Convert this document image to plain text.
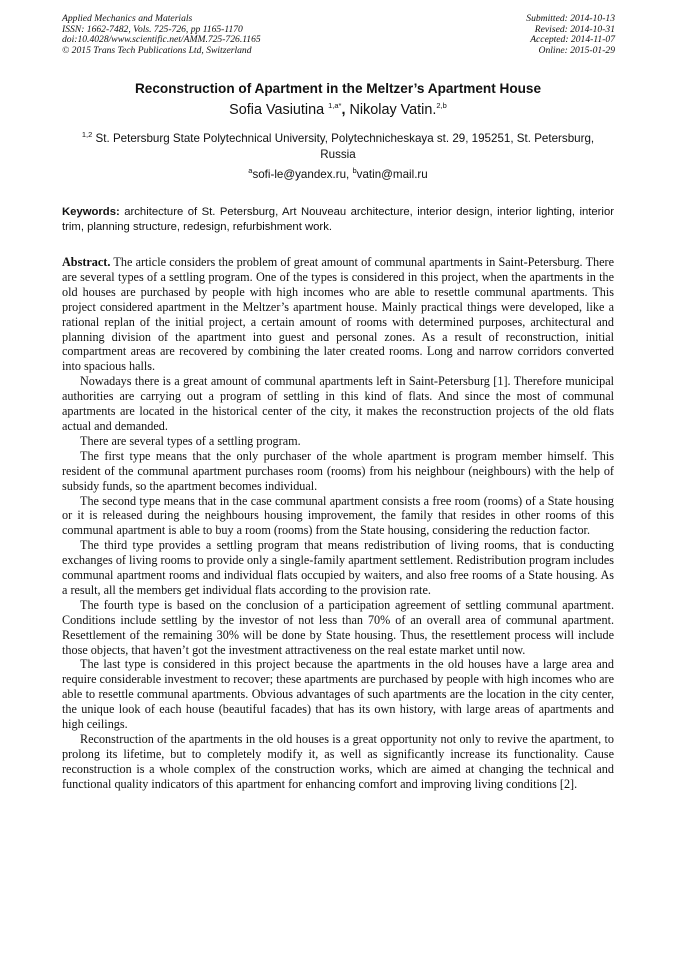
Applied Mechanics and Materials
ISSN: 1662-7482, Vols. 725-726, pp 1165-1170
doi:10.4028/www.scientific.net/AMM.725-726.1165
© 2015 Trans Tech Publications Ltd, Switzerland
Submitted: 2014-10-13
Revised: 2014-10-31
Accepted: 2014-11-07
Online: 2015-01-29
Reconstruction of Apartment in the Meltzer’s Apartment House
Sofia Vasiutina $^{1,a*}$, Nikolay Vatin.$^{2,b}$
$^{1,2}$ St. Petersburg State Polytechnical University, Polytechnicheskaya st. 29, 195251, St. Petersburg, Russia
$^a$sofi-le@yandex.ru, $^b$vatin@mail.ru
Keywords: architecture of St. Petersburg, Art Nouveau architecture, interior design, interior lighting, interior trim, planning structure, redesign, refurbishment work.

Abstract. The article considers the problem of great amount of communal apartments in Saint-Petersburg. There are several types of a settling program. One of the types is considered in this project, when the apartments in the old houses are purchased by people with high incomes who are able to resettle communal apartments. This project considered apartment in the Meltzer’s apartment house. Mainly practical things were developed, like a rational replan of the initial project, a certain amount of rooms with determined purposes, architectural and planning division of the apartment into guest and personal zones. As a result of reconstruction, initial compartment areas are recovered by combining the later created rooms. Long and narrow corridors converted into spacious halls.

Nowadays there is a great amount of communal apartments left in Saint-Petersburg [1]. Therefore municipal authorities are carrying out a program of settling in this kind of flats. And since the most of communal apartments are located in the historical center of the city, it makes the reconstruction projects of the old flats actual and demanded.

There are several types of a settling program.

The first type means that the only purchaser of the whole apartment is program member himself. This resident of the communal apartment purchases room (rooms) from his neighbour (neighbours) with the help of subsidy funds, so the apartment becomes individual.

The second type means that in the case communal apartment consists a free room (rooms) of a State housing or it is released during the neighbours housing improvement, the family that resides in other rooms of this communal apartment is able to buy a room (rooms) from the State housing, considering the reduction factor.

The third type provides a settling program that means redistribution of living rooms, that is conducting exchanges of living rooms to provide only a single-family apartment settlement. Redistribution program includes communal apartment rooms and individual flats occupied by waiters, and also free rooms of a State housing. As a result, all the members get individual flats according to the provision rate.

The fourth type is based on the conclusion of a participation agreement of settling communal apartment. Conditions include settling by the investor of not less than 70% of an overall area of communal apartment. Resettlement of the remaining 30% will be done by State housing. Thus, the resettlement process will include those objects, that haven’t got the investment attractiveness on the real estate market until now.

The last type is considered in this project because the apartments in the old houses have a large area and require considerable investment to recover; these apartments are purchased by people with high incomes who are able to resettle communal apartments. Obvious advantages of such apartments are the location in the city center, the unique look of each house (beautiful facades) that has its own history, with large areas of apartments and high ceilings.

Reconstruction of the apartments in the old houses is a great opportunity not only to revive the apartment, to prolong its lifetime, but to completely modify it, as well as significantly increase its functionality. Cause reconstruction is a whole complex of the construction works, which are aimed at changing the technical and functional quality indicators of this apartment for enhancing comfort and improving living conditions [2].
